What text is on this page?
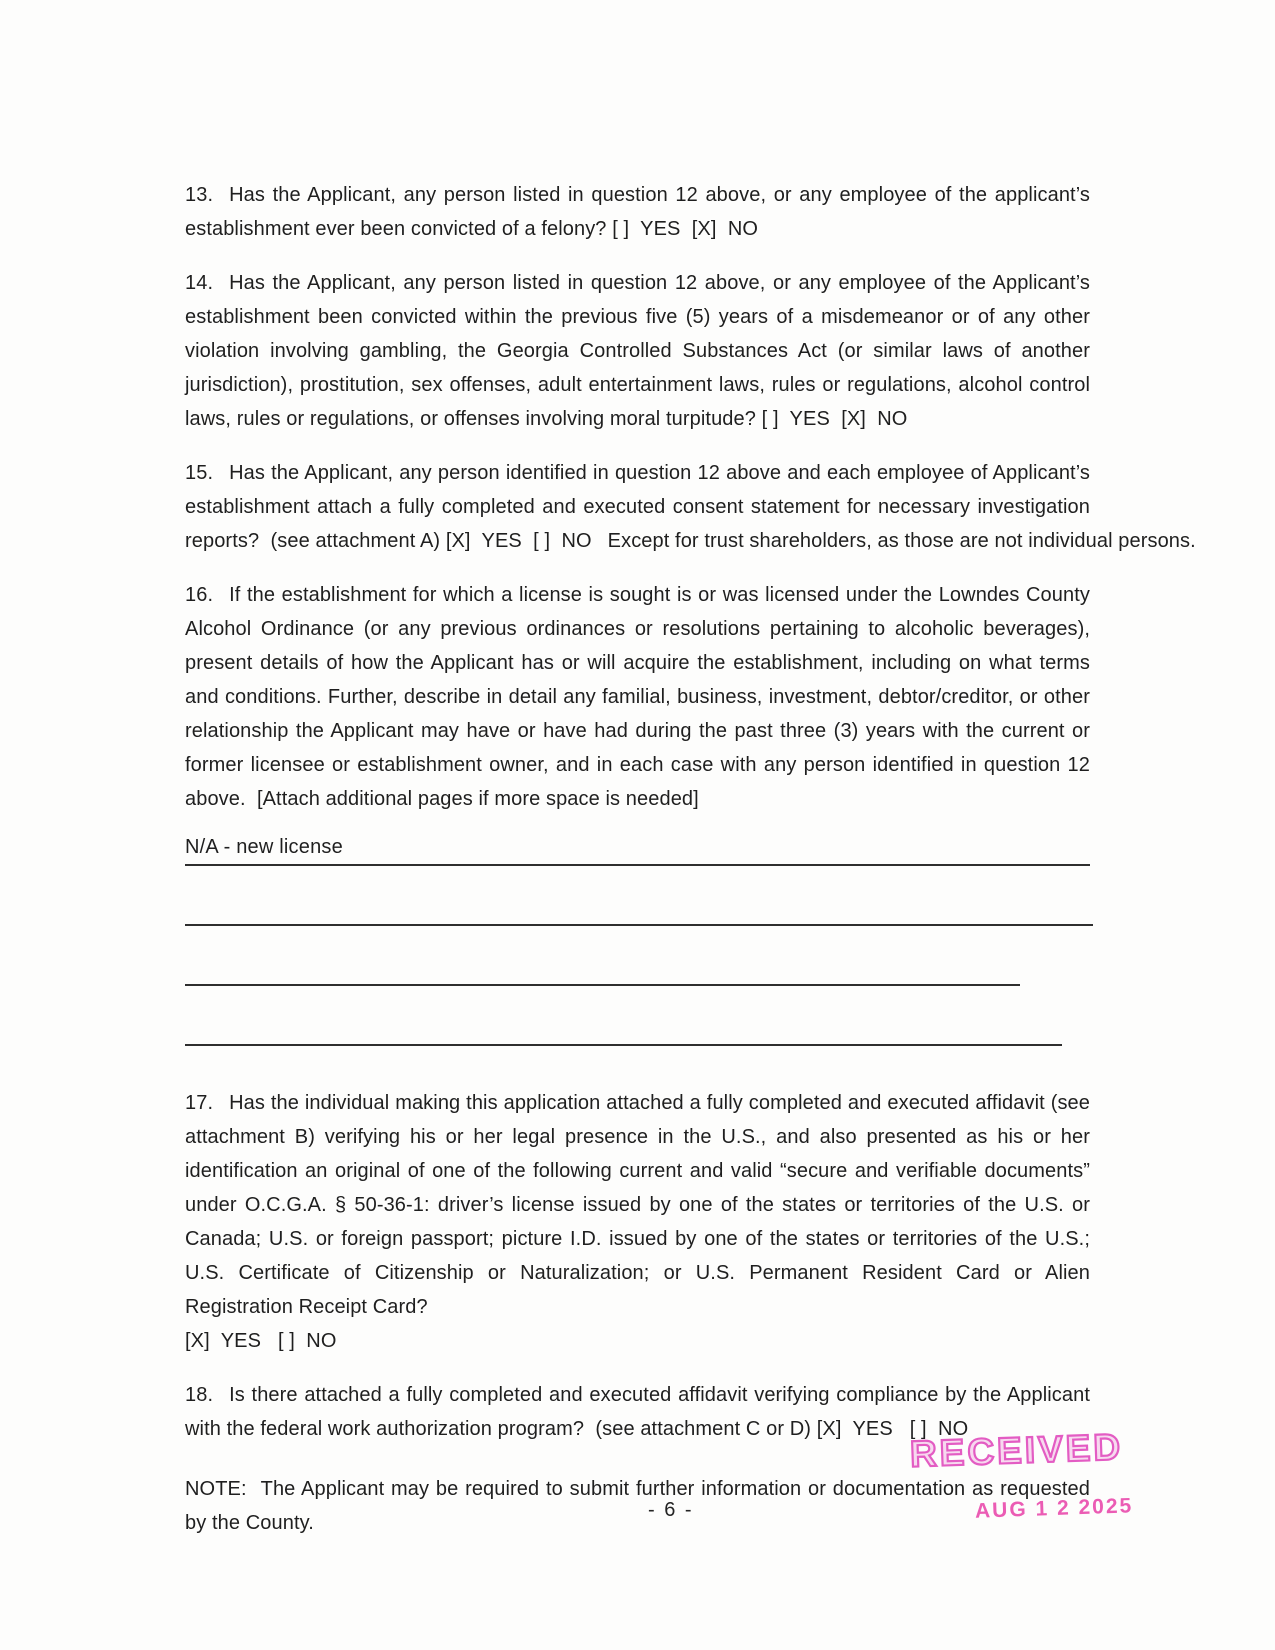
13. Has the Applicant, any person listed in question 12 above, or any employee of the applicant’s establishment ever been convicted of a felony? [ ]  YES  [X]  NO

14. Has the Applicant, any person listed in question 12 above, or any employee of the Applicant’s establishment been convicted within the previous five (5) years of a misdemeanor or of any other violation involving gambling, the Georgia Controlled Substances Act (or similar laws of another jurisdiction), prostitution, sex offenses, adult entertainment laws, rules or regulations, alcohol control laws, rules or regulations, or offenses involving moral turpitude? [ ]  YES  [X]  NO

15. Has the Applicant, any person identified in question 12 above and each employee of Applicant’s establishment attach a fully completed and executed consent statement for necessary investigation reports?  (see attachment A) [X]  YES  [ ]  NO Except for trust shareholders, as those are not individual persons.

16. If the establishment for which a license is sought is or was licensed under the Lowndes County Alcohol Ordinance (or any previous ordinances or resolutions pertaining to alcoholic beverages), present details of how the Applicant has or will acquire the establishment, including on what terms and conditions. Further, describe in detail any familial, business, investment, debtor/creditor, or other relationship the Applicant may have or have had during the past three (3) years with the current or former licensee or establishment owner, and in each case with any person identified in question 12 above.  [Attach additional pages if more space is needed]

N/A - new license

17. Has the individual making this application attached a fully completed and executed affidavit (see attachment B) verifying his or her legal presence in the U.S., and also presented as his or her identification an original of one of the following current and valid “secure and verifiable documents” under O.C.G.A. § 50-36-1: driver’s license issued by one of the states or territories of the U.S. or Canada; U.S. or foreign passport; picture I.D. issued by one of the states or territories of the U.S.; U.S. Certificate of Citizenship or Naturalization; or U.S. Permanent Resident Card or Alien Registration Receipt Card?

[X]  YES   [ ]  NO

18. Is there attached a fully completed and executed affidavit verifying compliance by the Applicant with the federal work authorization program?  (see attachment C or D) [X]  YES   [ ]  NO

NOTE: The Applicant may be required to submit further information or documentation as requested by the County.

- 6 -
RECEIVED
AUG 1 2 2025
